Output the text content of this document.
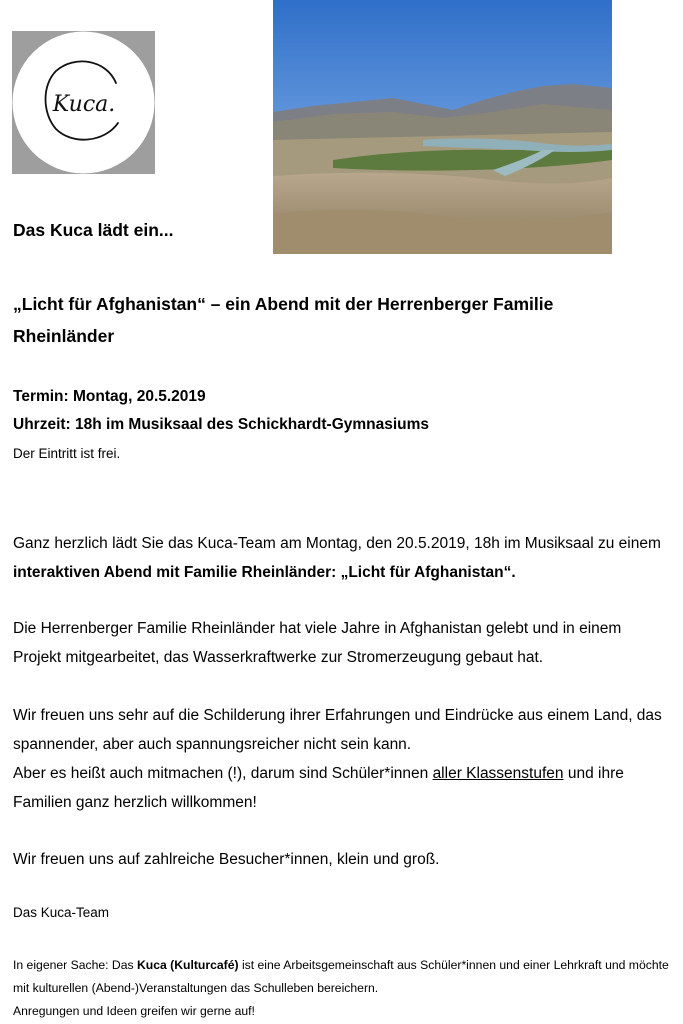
Kuca.
Das Kuca lädt ein...
„Licht für Afghanistan“ – ein Abend mit der Herrenberger Familie Rheinländer
Termin: Montag, 20.5.2019
Uhrzeit: 18h im Musiksaal des Schickhardt-Gymnasiums
Der Eintritt ist frei.
Ganz herzlich lädt Sie das Kuca-Team am Montag, den 20.5.2019, 18h im Musiksaal zu einem interaktiven Abend mit Familie Rheinländer: „Licht für Afghanistan“.
Die Herrenberger Familie Rheinländer hat viele Jahre in Afghanistan gelebt und in einem Projekt mitgearbeitet, das Wasserkraftwerke zur Stromerzeugung gebaut hat.
Wir freuen uns sehr auf die Schilderung ihrer Erfahrungen und Eindrücke aus einem Land, das spannender, aber auch spannungsreicher nicht sein kann.
Aber es heißt auch mitmachen (!), darum sind Schüler*innen aller Klassenstufen und ihre Familien ganz herzlich willkommen!
Wir freuen uns auf zahlreiche Besucher*innen, klein und groß.
Das Kuca-Team
In eigener Sache: Das Kuca (Kulturcafé) ist eine Arbeitsgemeinschaft aus Schüler*innen und einer Lehrkraft und möchte mit kulturellen (Abend-)Veranstaltungen das Schulleben bereichern.
Anregungen und Ideen greifen wir gerne auf!
